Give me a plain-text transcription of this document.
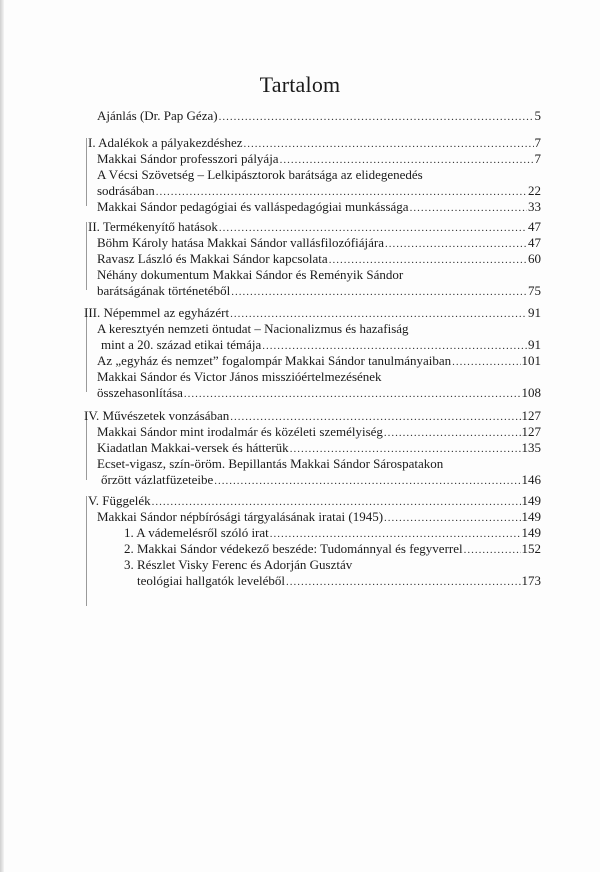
Tartalom
Ajánlás (Dr. Pap Géza) .....	5
I. Adalékok a pályakezdéshez .....	7
Makkai Sándor professzori pályája .....	7
A Vécsi Szövetség – Lelkipásztorok barátsága az elidegenedés
sodrásában .....	22
Makkai Sándor pedagógiai és valláspedagógiai munkássága .....	33
II. Termékenyítő hatások .....	47
Böhm Károly hatása Makkai Sándor vallásfilozófiájára .....	47
Ravasz László és Makkai Sándor kapcsolata .....	60
Néhány dokumentum Makkai Sándor és Reményik Sándor
barátságának történetéből .....	75
III. Népemmel az egyházért .....	91
A keresztyén nemzeti öntudat – Nacionalizmus és hazafiság
mint a 20. század etikai témája .....	91
Az „egyház és nemzet” fogalompár Makkai Sándor tanulmányaiban .....	101
Makkai Sándor és Victor János misszióértelmezésének
összehasonlítása .....	108
IV. Művészetek vonzásában .....	127
Makkai Sándor mint irodalmár és közéleti személyiség .....	127
Kiadatlan Makkai-versek és hátterük .....	135
Ecset-vigasz, szín-öröm. Bepillantás Makkai Sándor Sárospatakon
őrzött vázlatfüzeteibe .....	146
V. Függelék .....	149
Makkai Sándor népbírósági tárgyalásának iratai (1945) .....	149
1. A vádemelésről szóló irat .....	149
2. Makkai Sándor védekező beszéde: Tudománnyal és fegyverrel .....	152
3. Részlet Visky Ferenc és Adorján Gusztáv
teológiai hallgatók leveléből .....	173
